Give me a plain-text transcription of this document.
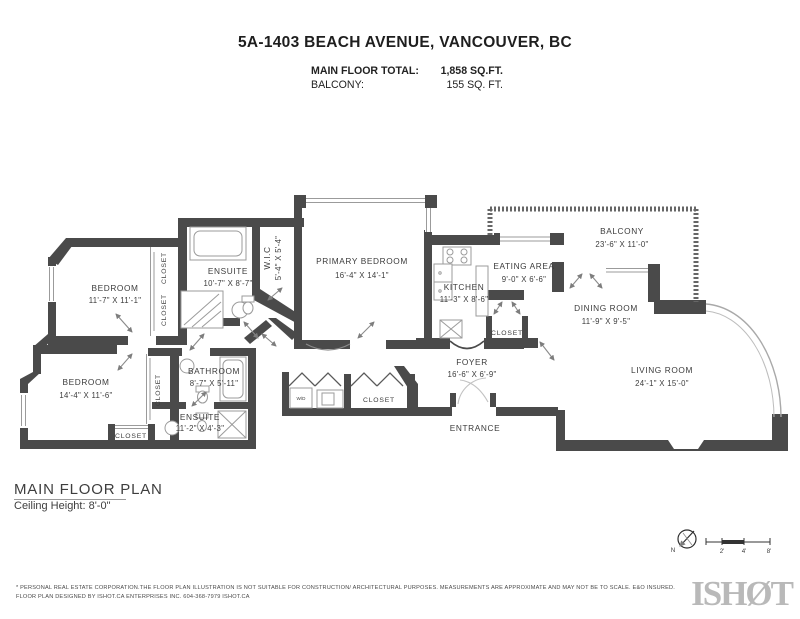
5A-1403 BEACH AVENUE, VANCOUVER, BC
MAIN FLOOR TOTAL: 1,858 SQ.FT.
BALCONY:	155 SQ. FT.
BEDROOM
11'-7" X 11'-1"
CLOSET
CLOSET
ENSUITE
10'-7" X 8'-7"
W.I.C 5'-4" X 5'-4"	PRIMARY BEDROOM
16'-4" X 14'-1"
KITCHEN
11'-3" X 8'-6"
EATING AREA
9'-0" X 6'-6"
BALCONY
23'-6" X 11'-0"
DINING ROOM
11'-9" X 9'-5"
LIVING ROOM
24'-1" X 15'-0"
FOYER
16'-6" X 6'-9"
ENTRANCE
CLOSET
CLOSET
W/D
BEDROOM
14'-4" X 11'-6"	CLOSET
CLOSET
BATHROOM
8'-7" X 5'-11"
ENSUITE
11'-2" X 4'-3"
N	2'	4'	8'
MAIN FLOOR PLAN
Ceiling Height: 8'-0"
* PERSONAL REAL ESTATE CORPORATION.THE FLOOR PLAN ILLUSTRATION IS NOT SUITABLE FOR CONSTRUCTION/ ARCHITECTURAL PURPOSES. MEASUREMENTS ARE APPROXIMATE AND MAY NOT BE TO SCALE. E&O INSURED.
FLOOR PLAN DESIGNED BY ISHOT.CA ENTERPRISES INC. 604-368-7979 ISHOT.CA	ISHØT
